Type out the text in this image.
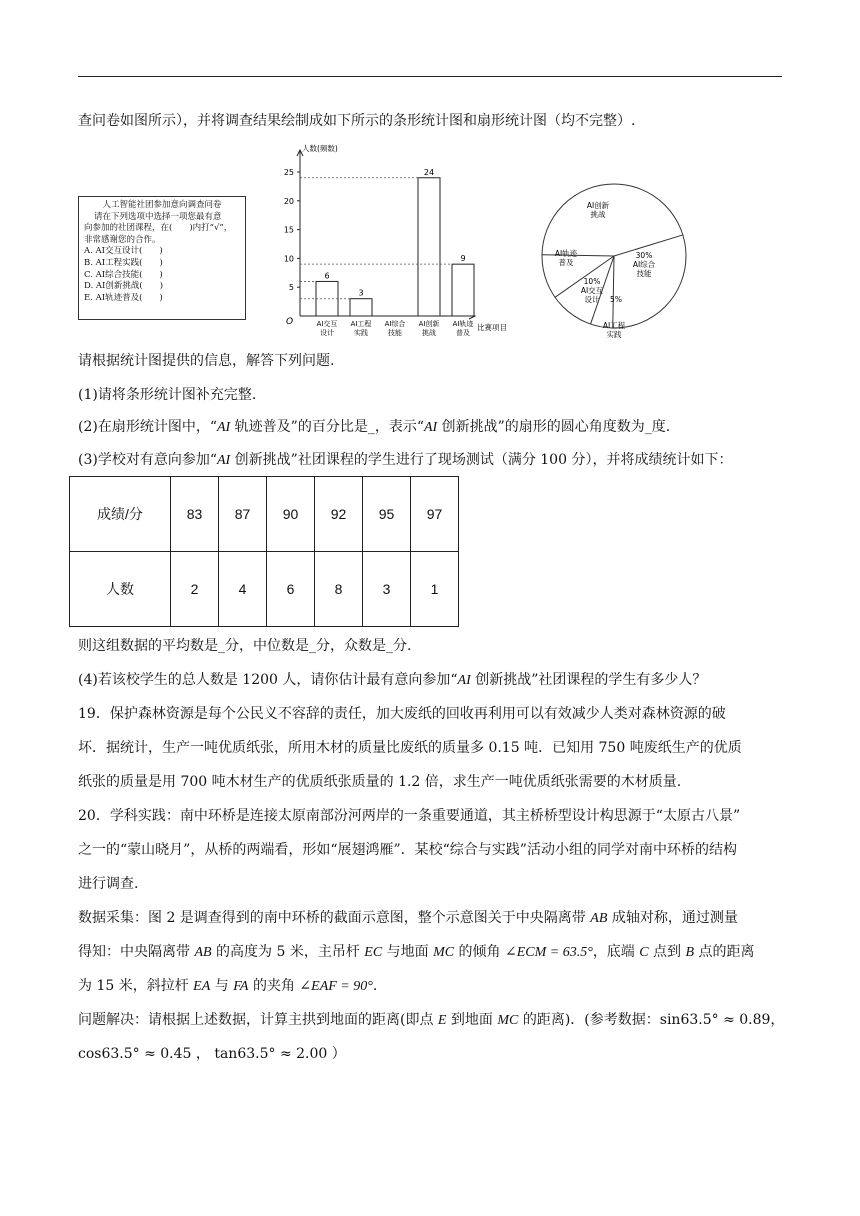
查问卷如图所示），并将调查结果绘制成如下所示的条形统计图和扇形统计图（均不完整）.
人工智能社团参加意向调查问卷
请在下列选项中选择一项您最有意
向参加的社团课程，在(　　)内打“√”，
非常感谢您的合作。
A. AI交互设计(　　)
B. AI工程实践(　　)
C. AI综合技能(　　)
D. AI创新挑战(　　)
E. AI轨迹普及(　　)
人数(频数)
比赛项目
O
5
10
15
20
25
6
AI交互
设计
3
AI工程
实践
AI综合
技能
24
AI创新
挑战
9
AI轨迹
普及
AI创新
挑战
30%
AI综合
技能
AI工程
实践
5%
10%
AI交互
设计
AI轨迹
普及
请根据统计图提供的信息，解答下列问题.
(1)请将条形统计图补充完整.
(2)在扇形统计图中，“AI 轨迹普及”的百分比是_，表示“AI 创新挑战”的扇形的圆心角度数为_度.
(3)学校对有意向参加“AI 创新挑战”社团课程的学生进行了现场测试（满分 100 分），并将成绩统计如下：
成绩/分	83	87	90	92	95	97
人数	2	4	6	8	3	1
则这组数据的平均数是_分，中位数是_分，众数是_分.
(4)若该校学生的总人数是 1200 人，请你估计最有意向参加“AI 创新挑战”社团课程的学生有多少人？
19．保护森林资源是每个公民义不容辞的责任，加大废纸的回收再利用可以有效减少人类对森林资源的破
坏．据统计，生产一吨优质纸张，所用木材的质量比废纸的质量多 0.15 吨．已知用 750 吨废纸生产的优质
纸张的质量是用 700 吨木材生产的优质纸张质量的 1.2 倍，求生产一吨优质纸张需要的木材质量.
20．学科实践：南中环桥是连接太原南部汾河两岸的一条重要通道，其主桥桥型设计构思源于“太原古八景”
之一的“蒙山晓月”，从桥的两端看，形如“展翅鸿雁”．某校“综合与实践”活动小组的同学对南中环桥的结构
进行调查.
数据采集：图 2 是调查得到的南中环桥的截面示意图，整个示意图关于中央隔离带 AB 成轴对称，通过测量
得知：中央隔离带 AB 的高度为 5 米，主吊杆 EC 与地面 MC 的倾角 ∠ECM = 63.5°，底端 C 点到 B 点的距离
为 15 米，斜拉杆 EA 与 FA 的夹角 ∠EAF = 90°.
问题解决：请根据上述数据，计算主拱到地面的距离(即点 E 到地面 MC 的距离)．(参考数据：sin63.5° ≈ 0.89，
cos63.5° ≈ 0.45 ， tan63.5° ≈ 2.00 ）
